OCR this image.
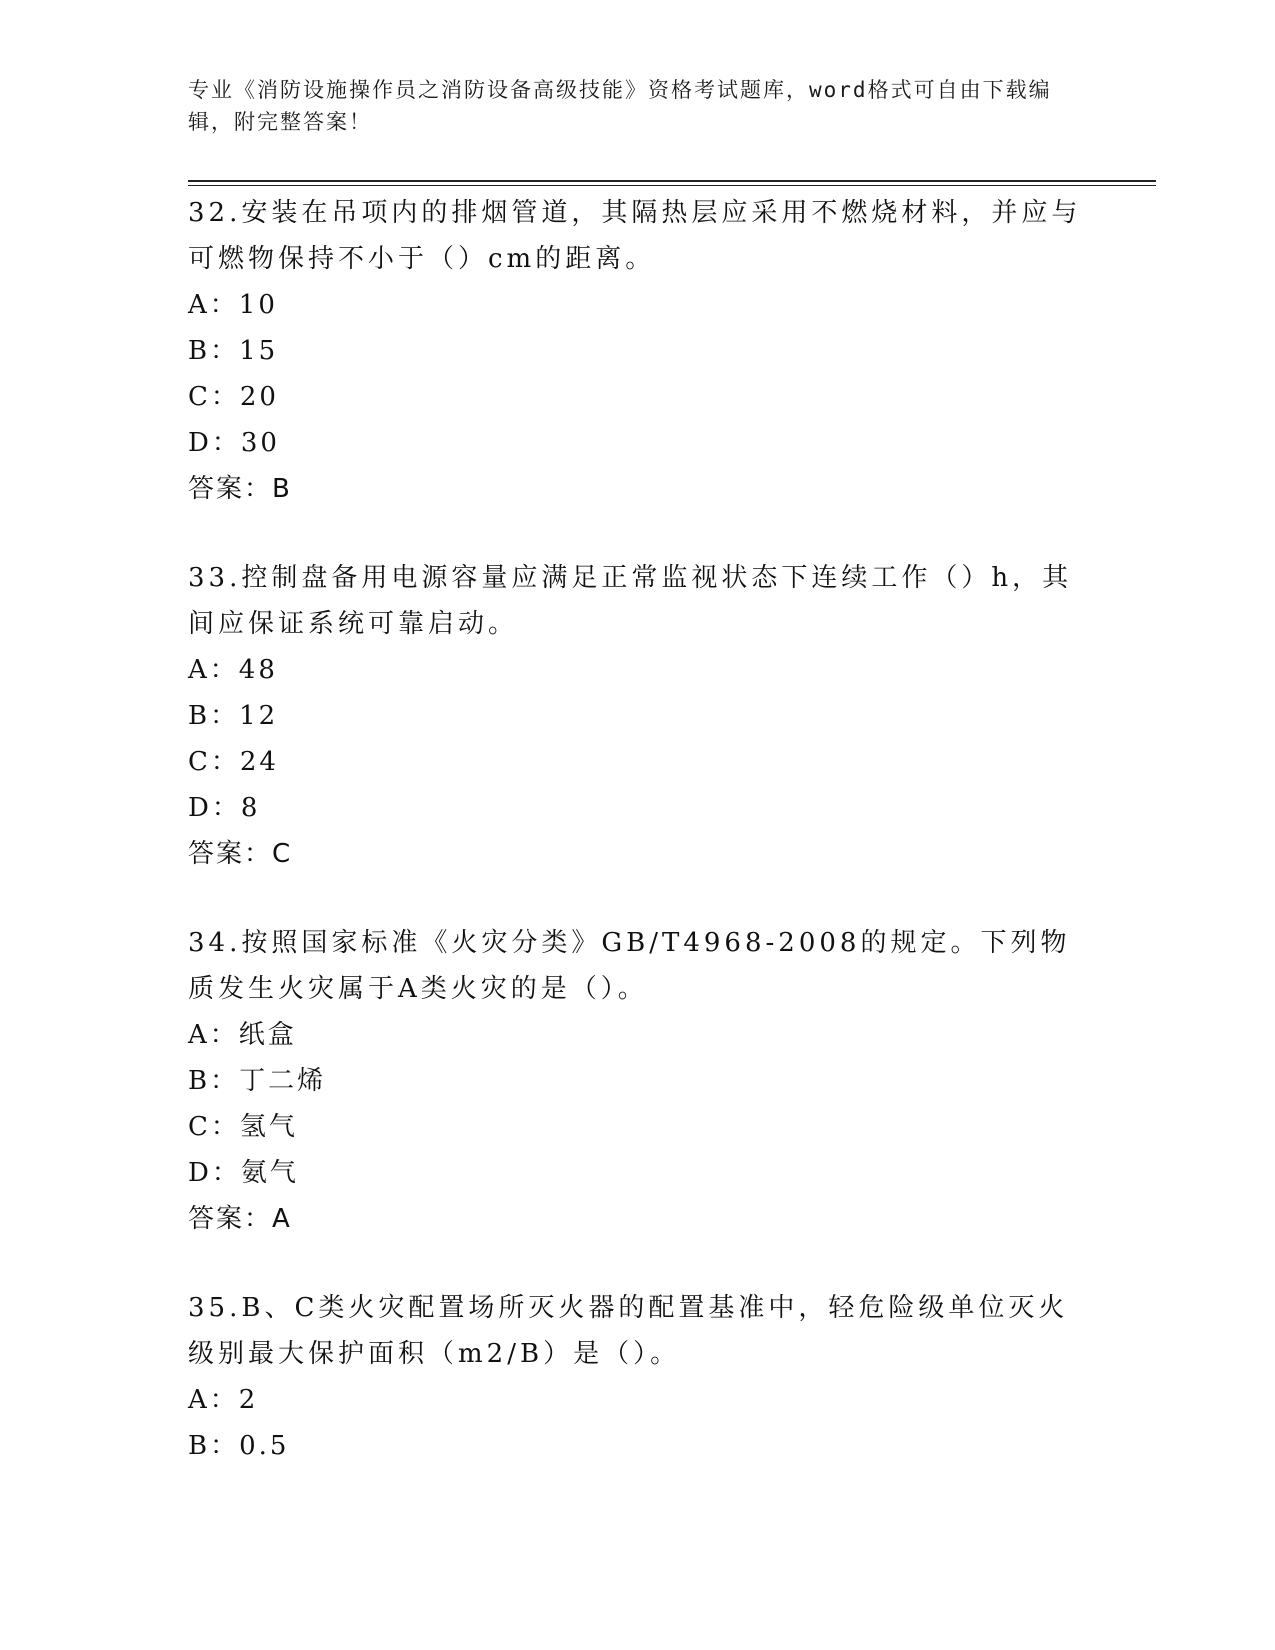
专业《消防设施操作员之消防设备高级技能》资格考试题库，word格式可自由下载编辑，附完整答案！

32.安装在吊项内的排烟管道，其隔热层应采用不燃烧材料，并应与可燃物保持不小于（）cm的距离。

A：10

B：15

C：20

D：30

答案：B

33.控制盘备用电源容量应满足正常监视状态下连续工作（）h，其间应保证系统可靠启动。

A：48

B：12

C：24

D：8

答案：C

34.按照国家标准《火灾分类》GB/T4968-2008的规定。下列物质发生火灾属于A类火灾的是（）。

A：纸盒

B：丁二烯

C：氢气

D：氨气

答案：A

35.B、C类火灾配置场所灭火器的配置基准中，轻危险级单位灭火级别最大保护面积（m2/B）是（）。

A：2

B：0.5
